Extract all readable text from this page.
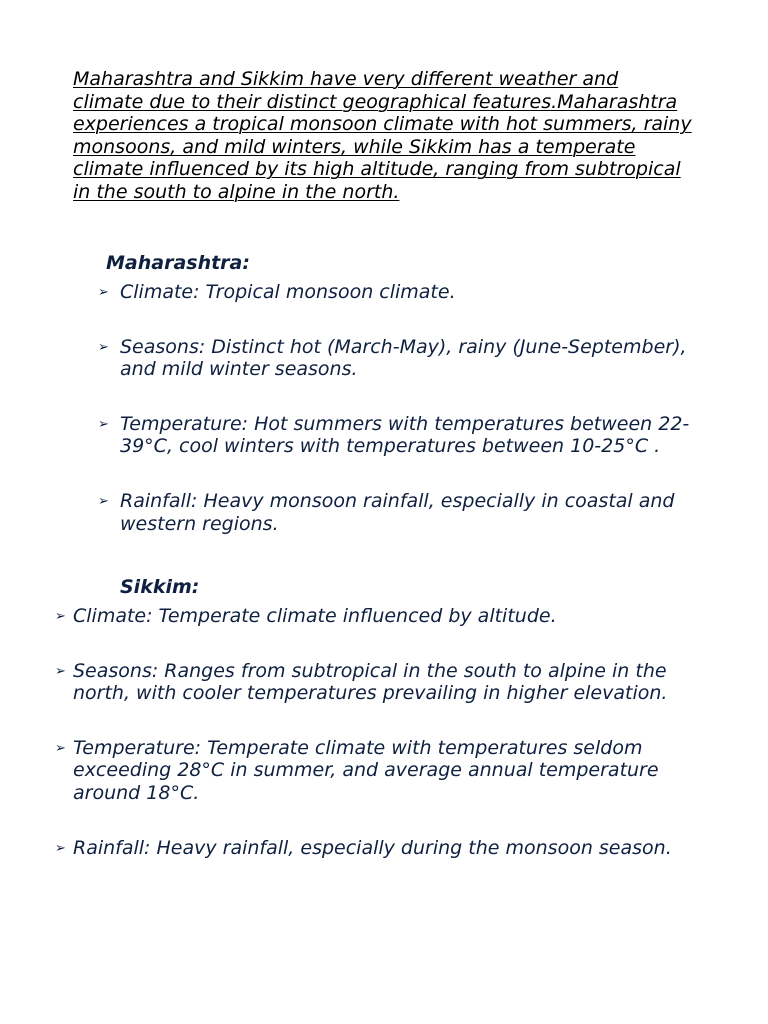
Maharashtra and Sikkim have very different weather and climate due to their distinct geographical features.Maharashtra experiences a tropical monsoon climate with hot summers, rainy monsoons, and mild winters, while Sikkim has a temperate climate influenced by its high altitude, ranging from subtropical in the south to alpine in the north.

Maharashtra:

➢ Climate: Tropical monsoon climate.
➢ Seasons: Distinct hot (March-May), rainy (June-September), and mild winter seasons.
➢ Temperature: Hot summers with temperatures between 22-39°C, cool winters with temperatures between 10-25°C .
➢ Rainfall: Heavy monsoon rainfall, especially in coastal and western regions.

Sikkim:

➢ Climate: Temperate climate influenced by altitude.
➢ Seasons: Ranges from subtropical in the south to alpine in the north, with cooler temperatures prevailing in higher elevation.
➢ Temperature: Temperate climate with temperatures seldom exceeding 28°C in summer, and average annual temperature around 18°C.
➢ Rainfall: Heavy rainfall, especially during the monsoon season.
